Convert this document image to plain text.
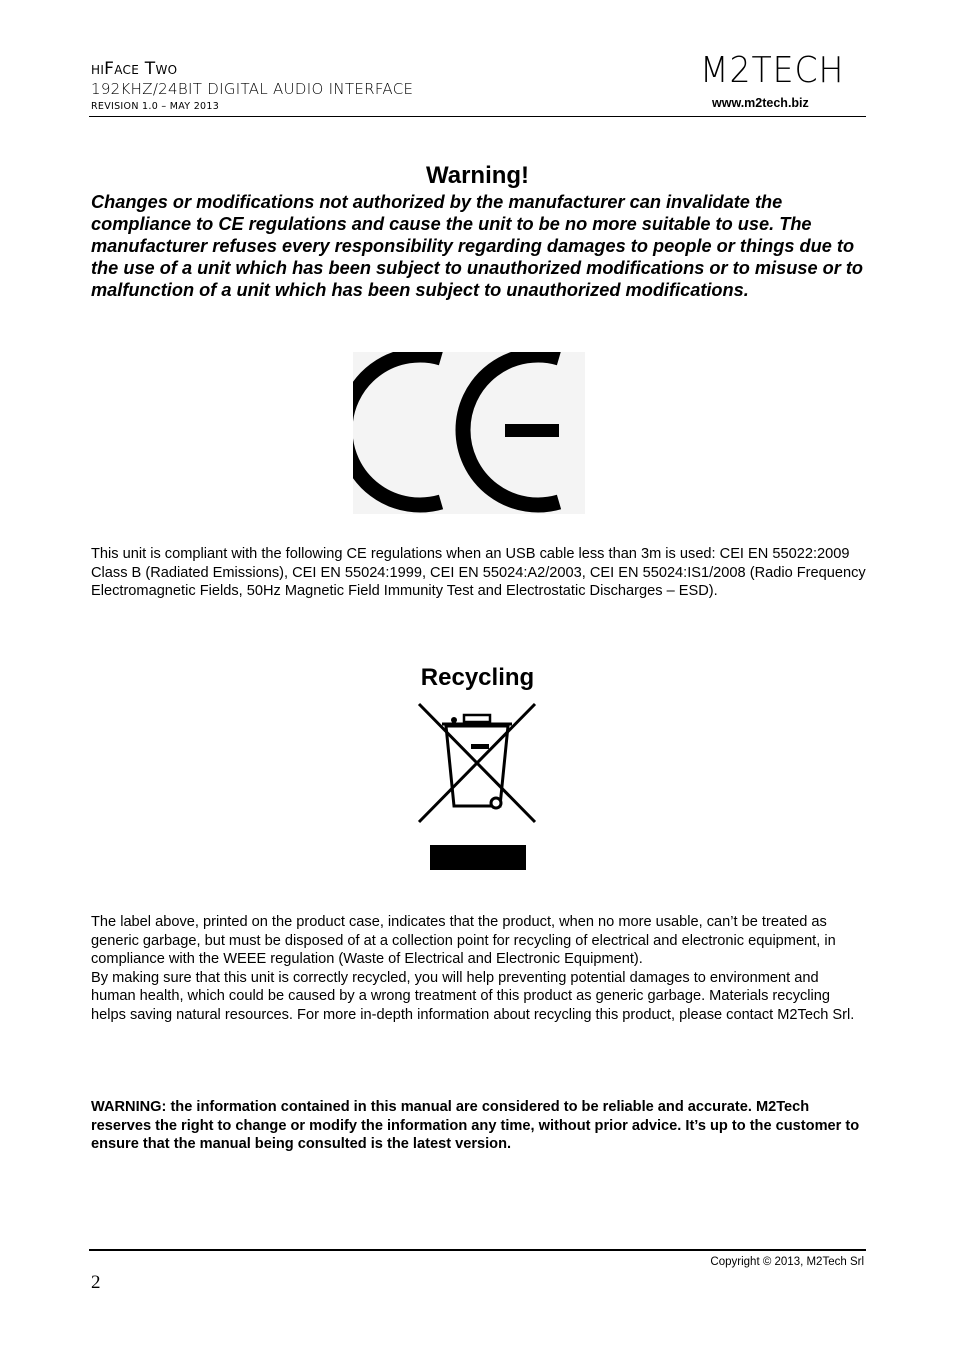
hiFace Two
192KHZ/24BIT DIGITAL AUDIO INTERFACE
REVISION 1.0 – MAY 2013
M2TECH
www.m2tech.biz
Warning!
Changes or modifications not authorized by the manufacturer can invalidate the compliance to CE regulations and cause the unit to be no more suitable to use. The manufacturer refuses every responsibility regarding damages to people or things due to the use of a unit which has been subject to unauthorized modifications or to misuse or to malfunction of a unit which has been subject to unauthorized modifications.
This unit is compliant with the following CE regulations when an USB cable less than 3m is used: CEI EN 55022:2009 Class B (Radiated Emissions), CEI EN 55024:1999, CEI EN 55024:A2/2003, CEI EN 55024:IS1/2008 (Radio Frequency Electromagnetic Fields, 50Hz Magnetic Field Immunity Test and Electrostatic Discharges – ESD).
Recycling
The label above, printed on the product case, indicates that the product, when no more usable, can’t be treated as generic garbage, but must be disposed of at a collection point for recycling of electrical and electronic equipment, in compliance with the WEEE regulation (Waste of Electrical and Electronic Equipment).
By making sure that this unit is correctly recycled, you will help preventing potential damages to environment and human health, which could be caused by a wrong treatment of this product as generic garbage. Materials recycling helps saving natural resources. For more in-depth information about recycling this product, please contact M2Tech Srl.
WARNING: the information contained in this manual are considered to be reliable and accurate. M2Tech reserves the right to change or modify the information any time, without prior advice. It’s up to the customer to ensure that the manual being consulted is the latest version.
Copyright © 2013, M2Tech Srl
2
